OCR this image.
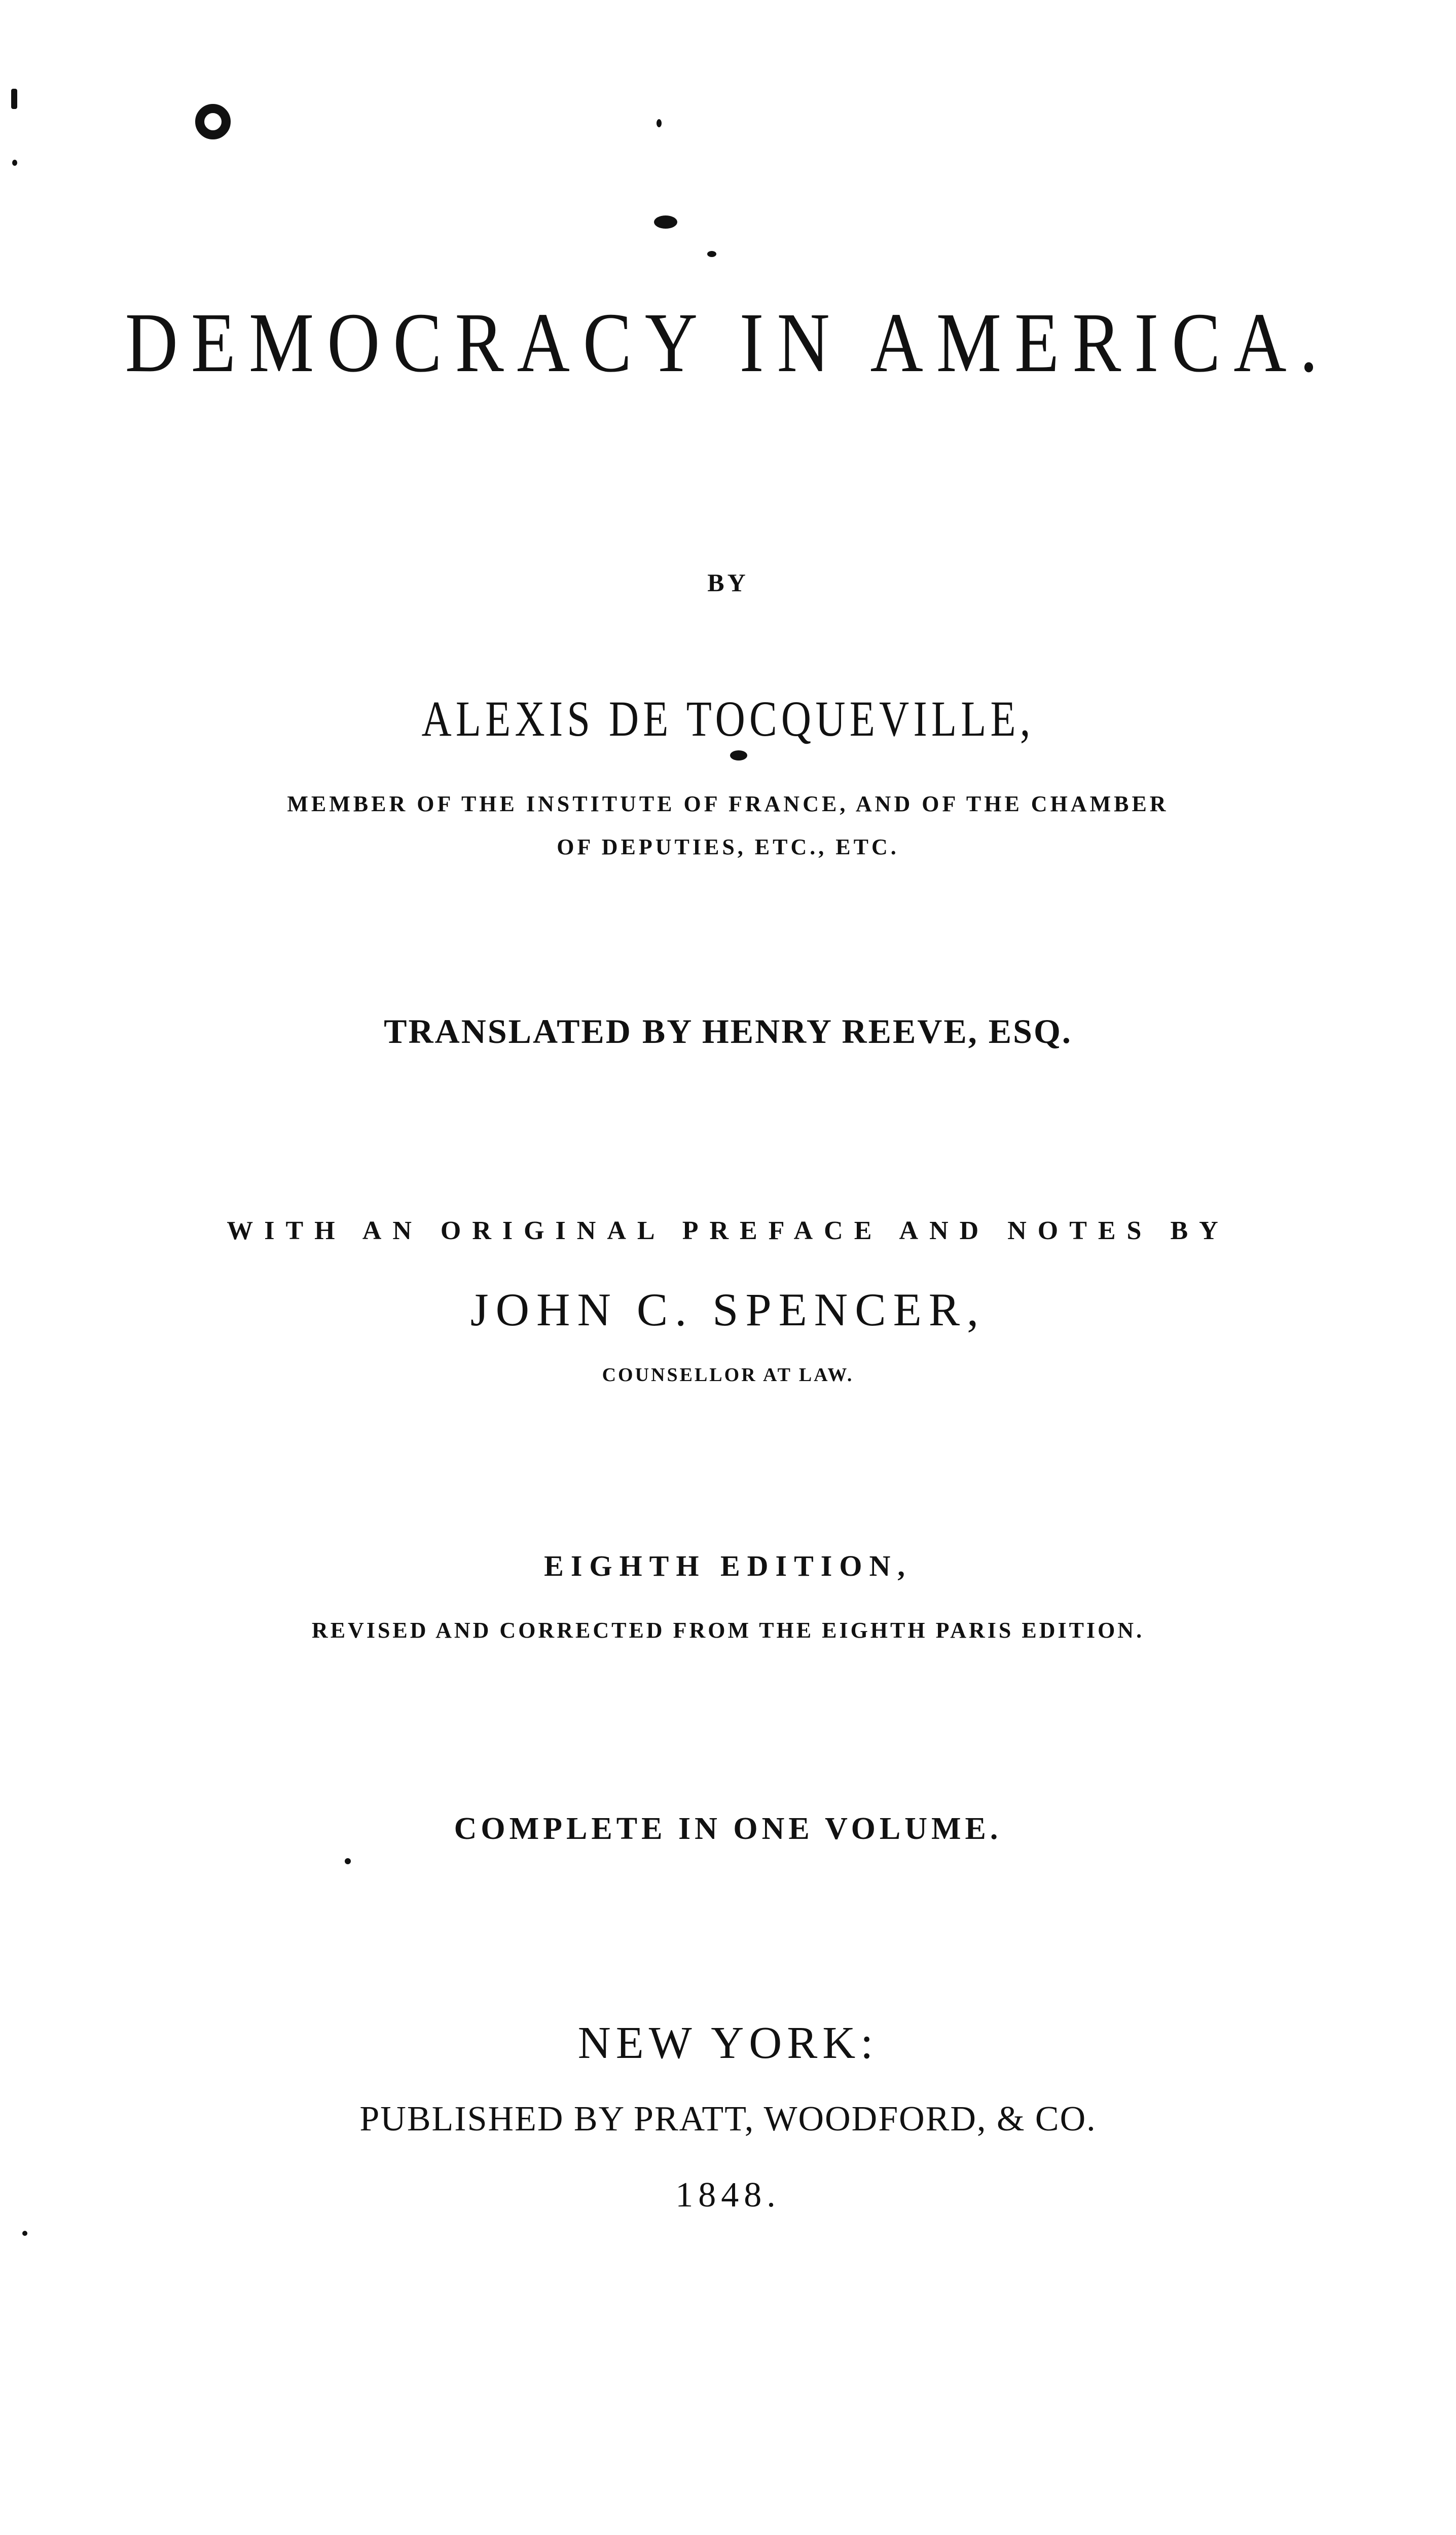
DEMOCRACY IN AMERICA.

BY

ALEXIS DE TOCQUEVILLE,

MEMBER OF THE INSTITUTE OF FRANCE, AND OF THE CHAMBER

OF DEPUTIES, ETC., ETC.

TRANSLATED BY HENRY REEVE, ESQ.

WITH AN ORIGINAL PREFACE AND NOTES BY

JOHN C. SPENCER,

COUNSELLOR AT LAW.

EIGHTH EDITION,

REVISED AND CORRECTED FROM THE EIGHTH PARIS EDITION.

COMPLETE IN ONE VOLUME.

NEW YORK:

PUBLISHED BY PRATT, WOODFORD, & CO.

1848.
